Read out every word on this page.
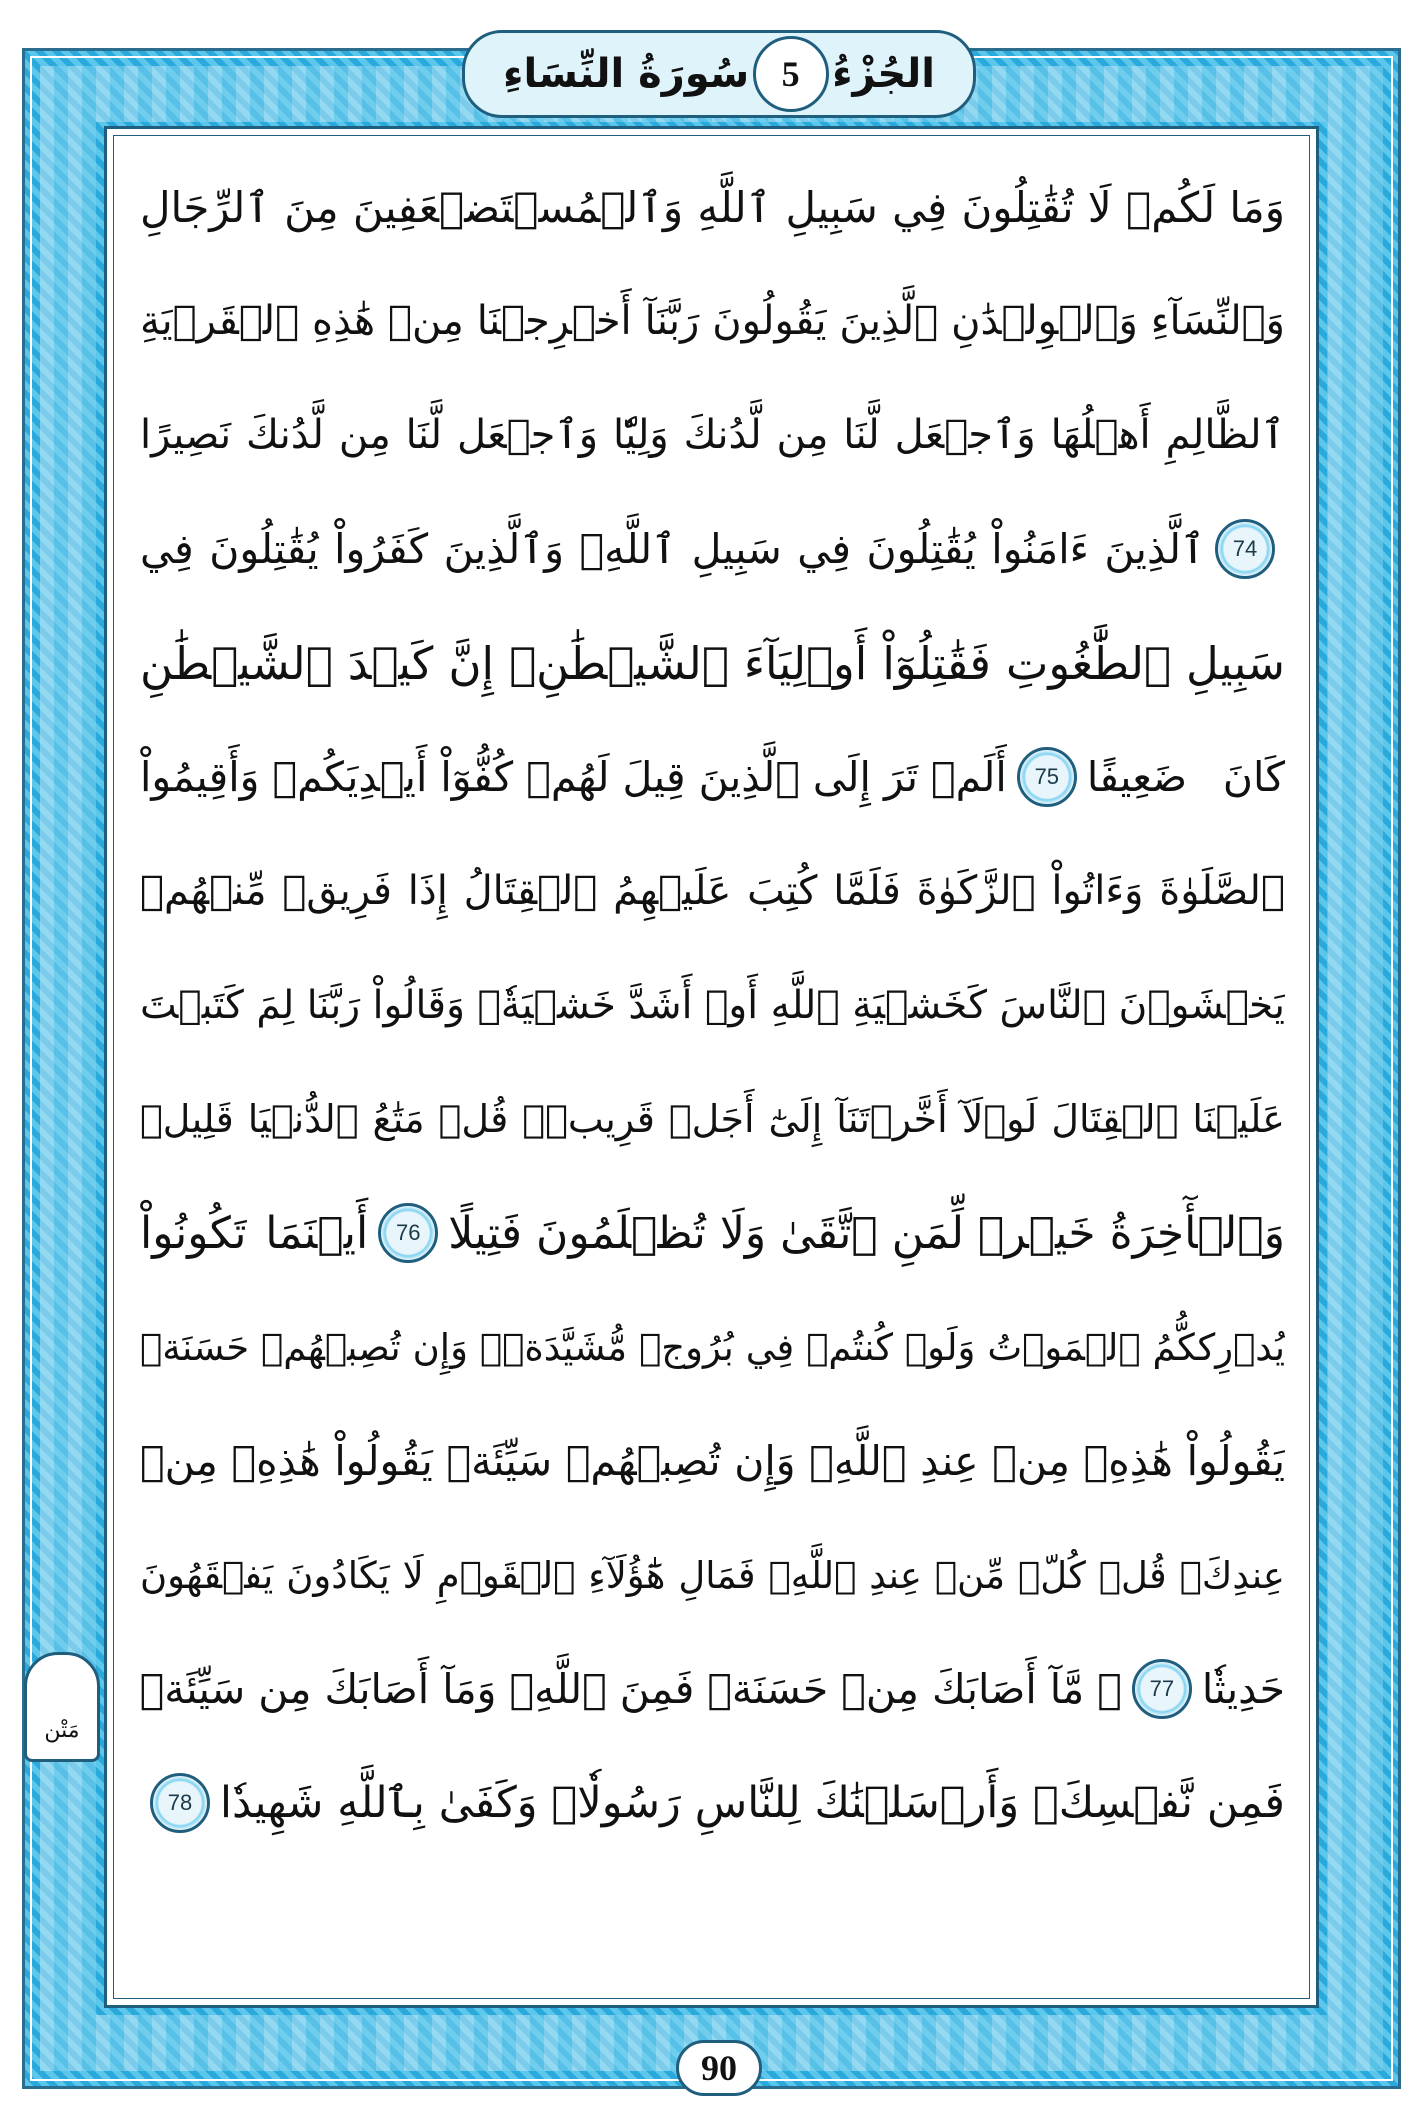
سُورَةُ النِّسَاءِ 5 الجُزْءُ
مَتْن
وَمَا لَكُمۡ لَا تُقَٰتِلُونَ فِي سَبِيلِ ٱللَّهِ وَٱلۡمُسۡتَضۡعَفِينَ مِنَ ٱلرِّجَالِ
وَٱلنِّسَآءِ وَٱلۡوِلۡدَٰنِ ٱلَّذِينَ يَقُولُونَ رَبَّنَآ أَخۡرِجۡنَا مِنۡ هَٰذِهِ ٱلۡقَرۡيَةِ
ٱلظَّالِمِ أَهۡلُهَا وَٱجۡعَل لَّنَا مِن لَّدُنكَ وَلِيّٗا وَٱجۡعَل لَّنَا مِن لَّدُنكَ نَصِيرًا
74
ٱلَّذِينَ ءَامَنُواْ يُقَٰتِلُونَ فِي سَبِيلِ ٱللَّهِۖ وَٱلَّذِينَ كَفَرُواْ يُقَٰتِلُونَ فِي
سَبِيلِ ٱلطَّٰغُوتِ فَقَٰتِلُوٓاْ أَوۡلِيَآءَ ٱلشَّيۡطَٰنِۖ إِنَّ كَيۡدَ ٱلشَّيۡطَٰنِ
كَانَ ضَعِيفًا
75
أَلَمۡ تَرَ إِلَى ٱلَّذِينَ قِيلَ لَهُمۡ كُفُّوٓاْ أَيۡدِيَكُمۡ وَأَقِيمُواْ
ٱلصَّلَوٰةَ وَءَاتُواْ ٱلزَّكَوٰةَ فَلَمَّا كُتِبَ عَلَيۡهِمُ ٱلۡقِتَالُ إِذَا فَرِيقٞ مِّنۡهُمۡ
يَخۡشَوۡنَ ٱلنَّاسَ كَخَشۡيَةِ ٱللَّهِ أَوۡ أَشَدَّ خَشۡيَةٗۚ وَقَالُواْ رَبَّنَا لِمَ كَتَبۡتَ
عَلَيۡنَا ٱلۡقِتَالَ لَوۡلَآ أَخَّرۡتَنَآ إِلَىٰٓ أَجَلٖ قَرِيبٖۗ قُلۡ مَتَٰعُ ٱلدُّنۡيَا قَلِيلٞ
وَٱلۡأٓخِرَةُ خَيۡرٞ لِّمَنِ ٱتَّقَىٰ وَلَا تُظۡلَمُونَ فَتِيلًا
76
أَيۡنَمَا تَكُونُواْ
يُدۡرِككُّمُ ٱلۡمَوۡتُ وَلَوۡ كُنتُمۡ فِي بُرُوجٖ مُّشَيَّدَةٖۗ وَإِن تُصِبۡهُمۡ حَسَنَةٞ
يَقُولُواْ هَٰذِهِۦ مِنۡ عِندِ ٱللَّهِۖ وَإِن تُصِبۡهُمۡ سَيِّئَةٞ يَقُولُواْ هَٰذِهِۦ مِنۡ
عِندِكَۚ قُلۡ كُلّٞ مِّنۡ عِندِ ٱللَّهِۖ فَمَالِ هَٰٓؤُلَآءِ ٱلۡقَوۡمِ لَا يَكَادُونَ يَفۡقَهُونَ
حَدِيثٗا
77
۞ مَّآ أَصَابَكَ مِنۡ حَسَنَةٖ فَمِنَ ٱللَّهِۖ وَمَآ أَصَابَكَ مِن سَيِّئَةٖ
فَمِن نَّفۡسِكَۚ وَأَرۡسَلۡنَٰكَ لِلنَّاسِ رَسُولٗاۚ وَكَفَىٰ بِٱللَّهِ شَهِيدٗا
78
90
